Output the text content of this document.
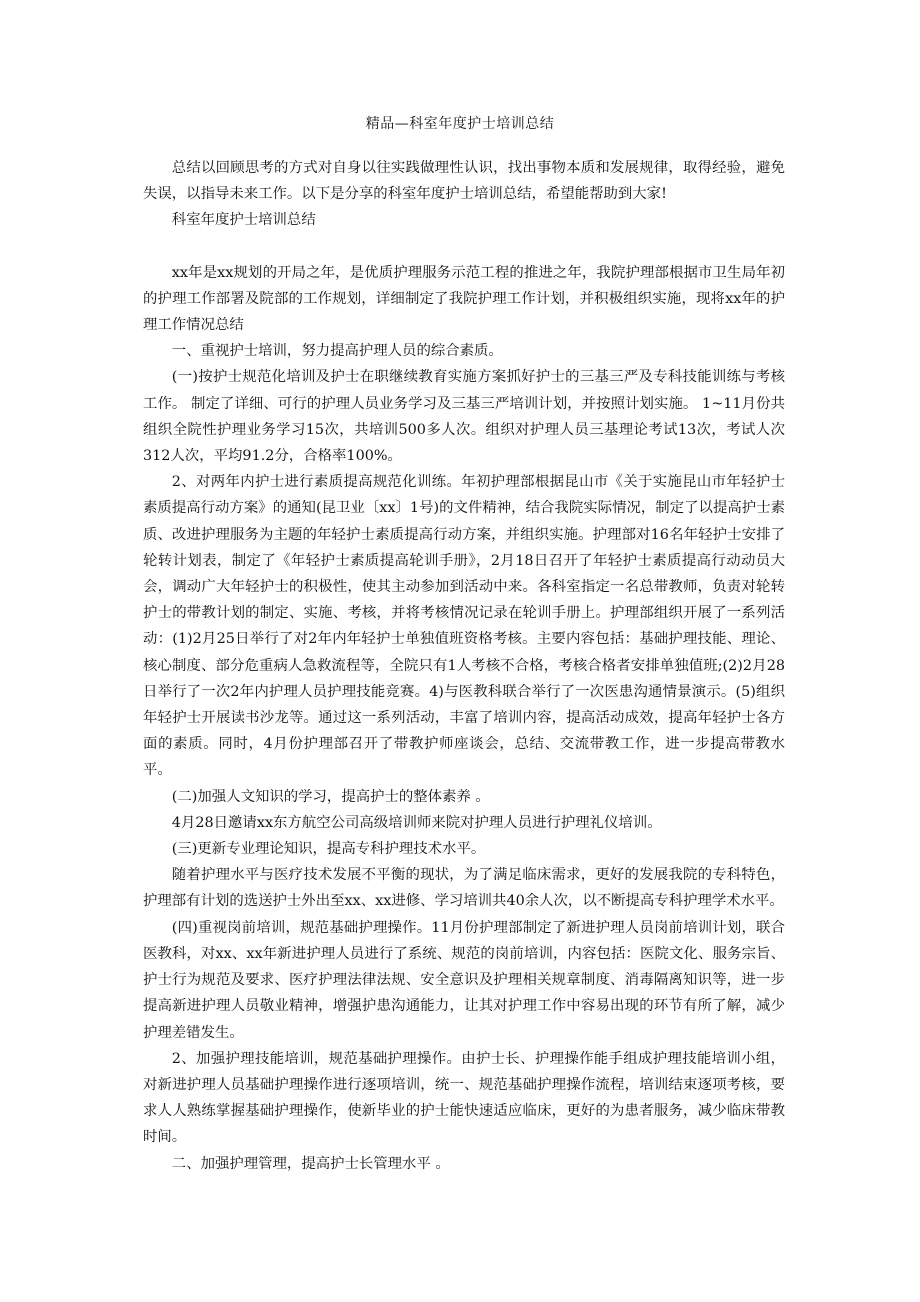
精品—科室年度护士培训总结

总结以回顾思考的方式对自身以往实践做理性认识，找出事物本质和发展规律，取得经验，避免失误，以指导未来工作。以下是分享的科室年度护士培训总结，希望能帮助到大家!

科室年度护士培训总结

xx年是xx规划的开局之年，是优质护理服务示范工程的推进之年，我院护理部根据市卫生局年初的护理工作部署及院部的工作规划，详细制定了我院护理工作计划，并积极组织实施，现将xx年的护理工作情况总结

一、重视护士培训，努力提高护理人员的综合素质。

(一)按护士规范化培训及护士在职继续教育实施方案抓好护士的三基三严及专科技能训练与考核工作。 制定了详细、可行的护理人员业务学习及三基三严培训计划，并按照计划实施。 1~11月份共组织全院性护理业务学习15次，共培训500多人次。组织对护理人员三基理论考试13次，考试人次312人次，平均91.2分，合格率100%。

2、对两年内护士进行素质提高规范化训练。年初护理部根据昆山市《关于实施昆山市年轻护士素质提高行动方案》的通知(昆卫业〔xx〕1号)的文件精神，结合我院实际情况，制定了以提高护士素质、改进护理服务为主题的年轻护士素质提高行动方案，并组织实施。护理部对16名年轻护士安排了轮转计划表，制定了《年轻护士素质提高轮训手册》，2月18日召开了年轻护士素质提高行动动员大会，调动广大年轻护士的积极性，使其主动参加到活动中来。各科室指定一名总带教师，负责对轮转护士的带教计划的制定、实施、考核，并将考核情况记录在轮训手册上。护理部组织开展了一系列活动：(1)2月25日举行了对2年内年轻护士单独值班资格考核。主要内容包括：基础护理技能、理论、核心制度、部分危重病人急救流程等，全院只有1人考核不合格，考核合格者安排单独值班;(2)2月28日举行了一次2年内护理人员护理技能竞赛。4)与医教科联合举行了一次医患沟通情景演示。(5)组织年轻护士开展读书沙龙等。通过这一系列活动，丰富了培训内容，提高活动成效，提高年轻护士各方面的素质。同时，4月份护理部召开了带教护师座谈会，总结、交流带教工作，进一步提高带教水平。

(二)加强人文知识的学习，提高护士的整体素养 。

4月28日邀请xx东方航空公司高级培训师来院对护理人员进行护理礼仪培训。

(三)更新专业理论知识，提高专科护理技术水平。

随着护理水平与医疗技术发展不平衡的现状，为了满足临床需求，更好的发展我院的专科特色，护理部有计划的选送护士外出至xx、xx进修、学习培训共40余人次，以不断提高专科护理学术水平。

(四)重视岗前培训，规范基础护理操作。11月份护理部制定了新进护理人员岗前培训计划，联合医教科，对xx、xx年新进护理人员进行了系统、规范的岗前培训，内容包括：医院文化、服务宗旨、护士行为规范及要求、医疗护理法律法规、安全意识及护理相关规章制度、消毒隔离知识等，进一步提高新进护理人员敬业精神，增强护患沟通能力，让其对护理工作中容易出现的环节有所了解，减少护理差错发生。

2、加强护理技能培训，规范基础护理操作。由护士长、护理操作能手组成护理技能培训小组，对新进护理人员基础护理操作进行逐项培训，统一、规范基础护理操作流程，培训结束逐项考核，要求人人熟练掌握基础护理操作，使新毕业的护士能快速适应临床，更好的为患者服务，减少临床带教时间。

二、加强护理管理，提高护士长管理水平 。
